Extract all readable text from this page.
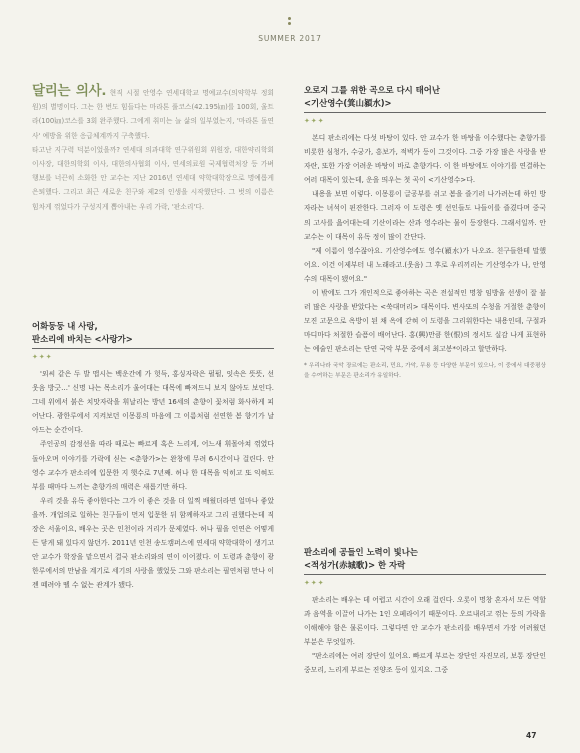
SUMMER 2017
달리는 의사. 현직 시절 안영수 연세대학교 명예교수(의약학부 정회원)의 별명이다. 그는 한 번도 힘들다는 마라톤 풀코스(42.195㎞)를 100회, 울트라(100㎞)코스를 3회 완주했다. 그에게 취미는 늘 삶의 일부였는지, '마라톤 돌연사' 예방을 위한 응급체계까지 구축했다.
타고난 지구력 덕분이었을까? 연세대 의과대학 연구위원회 위원장, 대한약리학회 이사장, 대한의학회 이사, 대한의사협회 이사, 연세의료원 국제협력처장 등 가벼 행보를 너끈히 소화한 안 교수는 지난 2016년 연세대 약학대학장으로 명예롭게 은퇴했다. 그리고 최근 새로운 친구와 제2의 인생을 시작했단다. 그 벗의 이름은 힘차게 꺾었다가 구성지게 뽑아내는 우리 가락, '판소리'다.
어화둥둥 내 사랑,
판소리에 바치는 <사랑가>
✦✦✦

'외씨 같은 두 발 맵시는 백운간에 가 헛득, 홍싱자락은 펄펄, 잇속은 뜻뜻, 선웃음 방긋…' 신명 나는 목소리가 울어대는 대목에 빠져드니 보지 않아도 보인다. 그네 위에서 붉은 치맛자락을 휘날리는 방년 16세의 춘향이 꽃처럼 화사하게 피어난다. 광한루에서 지켜보던 이몽룡의 마음에 그 이름처럼 선연한 봄 향기가 날아드는 순간이다.

주인공의 감정선을 따라 때로는 빠르게 혹은 느리게, 어느새 휘몰아쳐 꺾였다 돌아오며 이야기를 가락에 싣는 <춘향가>는 완창에 무려 6시간이나 걸린다. 안영수 교수가 판소리에 입문한 지 햇수로 7년째. 허나 한 대목을 익히고 또 익혀도 부를 때마다 느끼는 춘향가의 매력은 새롭기만 하다.

우리 것을 유독 좋아한다는 그가 이 좋은 것을 더 일찍 배웠더라면 얼마나 좋았을까. 개업의로 일하는 친구들이 먼저 입문한 뒤 함께하자고 그리 권했다는데 직장은 서울이요, 배우는 곳은 인천이라 거리가 문제였다. 허나 필을 인연은 어떻게든 닿게 돼 있다지 않던가. 2011년 인천 송도캠퍼스에 연세대 약학대학이 생기고 안 교수가 학장을 맡으면서 결국 판소리와의 연이 이어졌다. 이 도령과 춘향이 광한루에서의 만남을 계기로 세기의 사랑을 했었듯 그와 판소리는 필연처럼 만나 이젠 떼려야 뗄 수 없는 관계가 됐다.

오로지 그를 위한 곡으로 다시 태어난
<기산영수(箕山潁水)>
✦✦✦

본디 판소리에는 다섯 바탕이 있다. 안 교수가 한 바탕을 이수했다는 춘향가를 비롯한 심청가, 수궁가, 흥보가, 적벽가 등이 그것이다. 그중 가장 많은 사랑을 받자란, 또한 가장 어려운 바탕이 바로 춘향가다. 이 한 바탕에도 이야기를 연결하는 여러 대목이 있는데, 운을 띄우는 첫 곡이 <기산영수>다.

내용을 보면 이렇다. 이몽룡이 글공부를 쉬고 봄을 즐기러 나가려는데 하인 방자라는 녀석이 핀잔한다. 그러자 이 도령은 옛 선인들도 나들이를 즐겼다며 중국의 고사를 읊어대는데 기산이라는 산과 영수라는 물이 등장한다. 그래서일까. 안 교수는 이 대목이 유독 정이 많이 간단다.

"제 이름이 영수잖아요. 기산영수에도 영수(潁水)가 나오죠. 친구들한테 말했어요. 이건 이제부터 내 노래라고.(웃음) 그 후로 우리끼리는 기산영수가 나, 안영수의 대목이 됐어요."

이 밖에도 그가 개인적으로 좋아하는 곡은 전설적인 명창 임방울 선생이 잘 불러 많은 사랑을 받았다는 <쑥대머리> 대목이다. 변사또의 수청을 거절한 춘향이 모진 고문으로 옥방이 된 채 옥에 갇혀 이 도령을 그리워한다는 내용인데, 구절과 마디마다 처절한 슬픔이 배어난다. 홍(興)만큼 한(恨)의 정서도 실감 나게 표현하는 예술인 판소리는 단연 국악 부문 중에서 최고봉*이라고 할만하다.

* 우리나라 국악 장르에는 판소리, 민요, 가악, 무용 등 다양한 부문이 있으나, 이 중에서 대중평상을 수여하는 부문은 판소리가 유일하다.
판소리에 공들인 노력이 빛나는
<적성가(赤城歌)> 한 자락
✦✦✦

판소리는 배우는 데 어렵고 시간이 오래 걸린다. 오롯이 명창 혼자서 모든 역할과 음역을 이끌어 나가는 1인 오페라이기 때문이다. 오르내리고 꺾는 등의 가락을 이해해야 함은 물론이다. 그렇다면 안 교수가 판소리를 배우면서 가장 어려웠던 부분은 무엇일까.

"판소리에는 여러 장단이 있어요. 빠르게 부르는 장단인 자진모리, 보통 장단인 중모리, 느리게 부르는 진양조 등이 있지요. 그중

47
